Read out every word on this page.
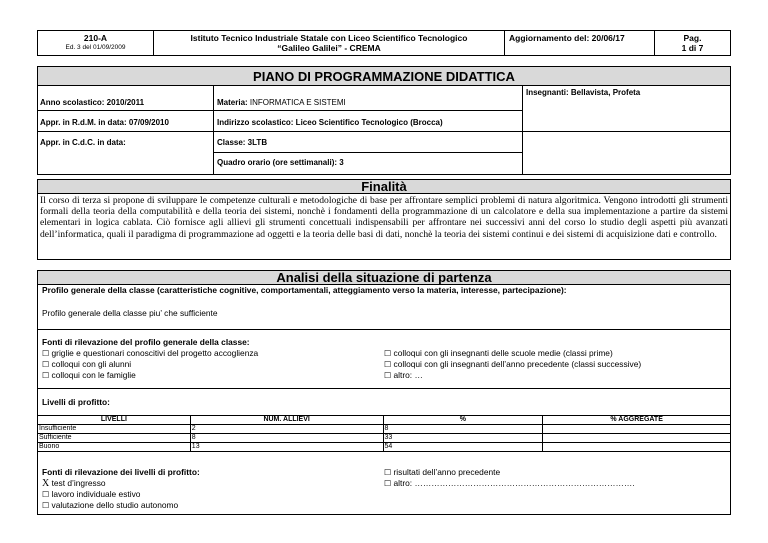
210-A
Ed. 3 del 01/09/2009
Istituto Tecnico Industriale Statale con Liceo Scientifico Tecnologico
“Galileo Galilei” - CREMA
Aggiornamento del: 20/06/17	Pag.
1 di 7
PIANO DI PROGRAMMAZIONE DIDATTICA
Anno scolastico: 2010/2011	Materia: INFORMATICA E SISTEMI
Insegnanti: Bellavista, Profeta
Appr. in R.d.M. in data: 07/09/2010	Indirizzo scolastico: Liceo Scientifico Tecnologico (Brocca)
Appr. in C.d.C. in data:	Classe: 3LTB
Quadro orario (ore settimanali): 3
Finalità
Il corso di terza si propone di sviluppare le competenze culturali e metodologiche di base per affrontare semplici problemi di natura algoritmica. Vengono introdotti gli strumenti formali della teoria della computabilità e della teoria dei sistemi, nonchè i fondamenti della programmazione di un calcolatore e della sua implementazione a partire da sistemi elementari in logica cablata. Ciò fornisce agli allievi gli strumenti concettuali indispensabili per affrontare nei successivi anni del corso lo studio degli aspetti più avanzati dell’informatica, quali il paradigma di programmazione ad oggetti e la teoria delle basi di dati, nonchè la teoria dei sistemi continui e dei sistemi di acquisizione dati e controllo.
Analisi della situazione di partenza
Profilo generale della classe (caratteristiche cognitive, comportamentali, atteggiamento verso la materia, interesse, partecipazione):
Profilo generale della classe piu’ che sufficiente
Fonti di rilevazione del profilo generale della classe:
☐ griglie e questionari conoscitivi del progetto accoglienza
☐ colloqui con gli alunni
☐ colloqui con le famiglie
☐ colloqui con gli insegnanti delle scuole medie (classi prime)
☐ colloqui con gli insegnanti dell’anno precedente (classi successive)
☐ altro: …
Livelli di profitto:
LIVELLI	NUM. ALLIEVI	%	% AGGREGATE
Insufficiente	2	8	
Sufficiente	8	33	
Buono	13	54	
Fonti di rilevazione dei livelli di profitto:
X test d’ingresso
☐ lavoro individuale estivo
☐ valutazione dello studio autonomo
☐ risultati dell’anno precedente
☐ altro: …………………………………………………………………….
